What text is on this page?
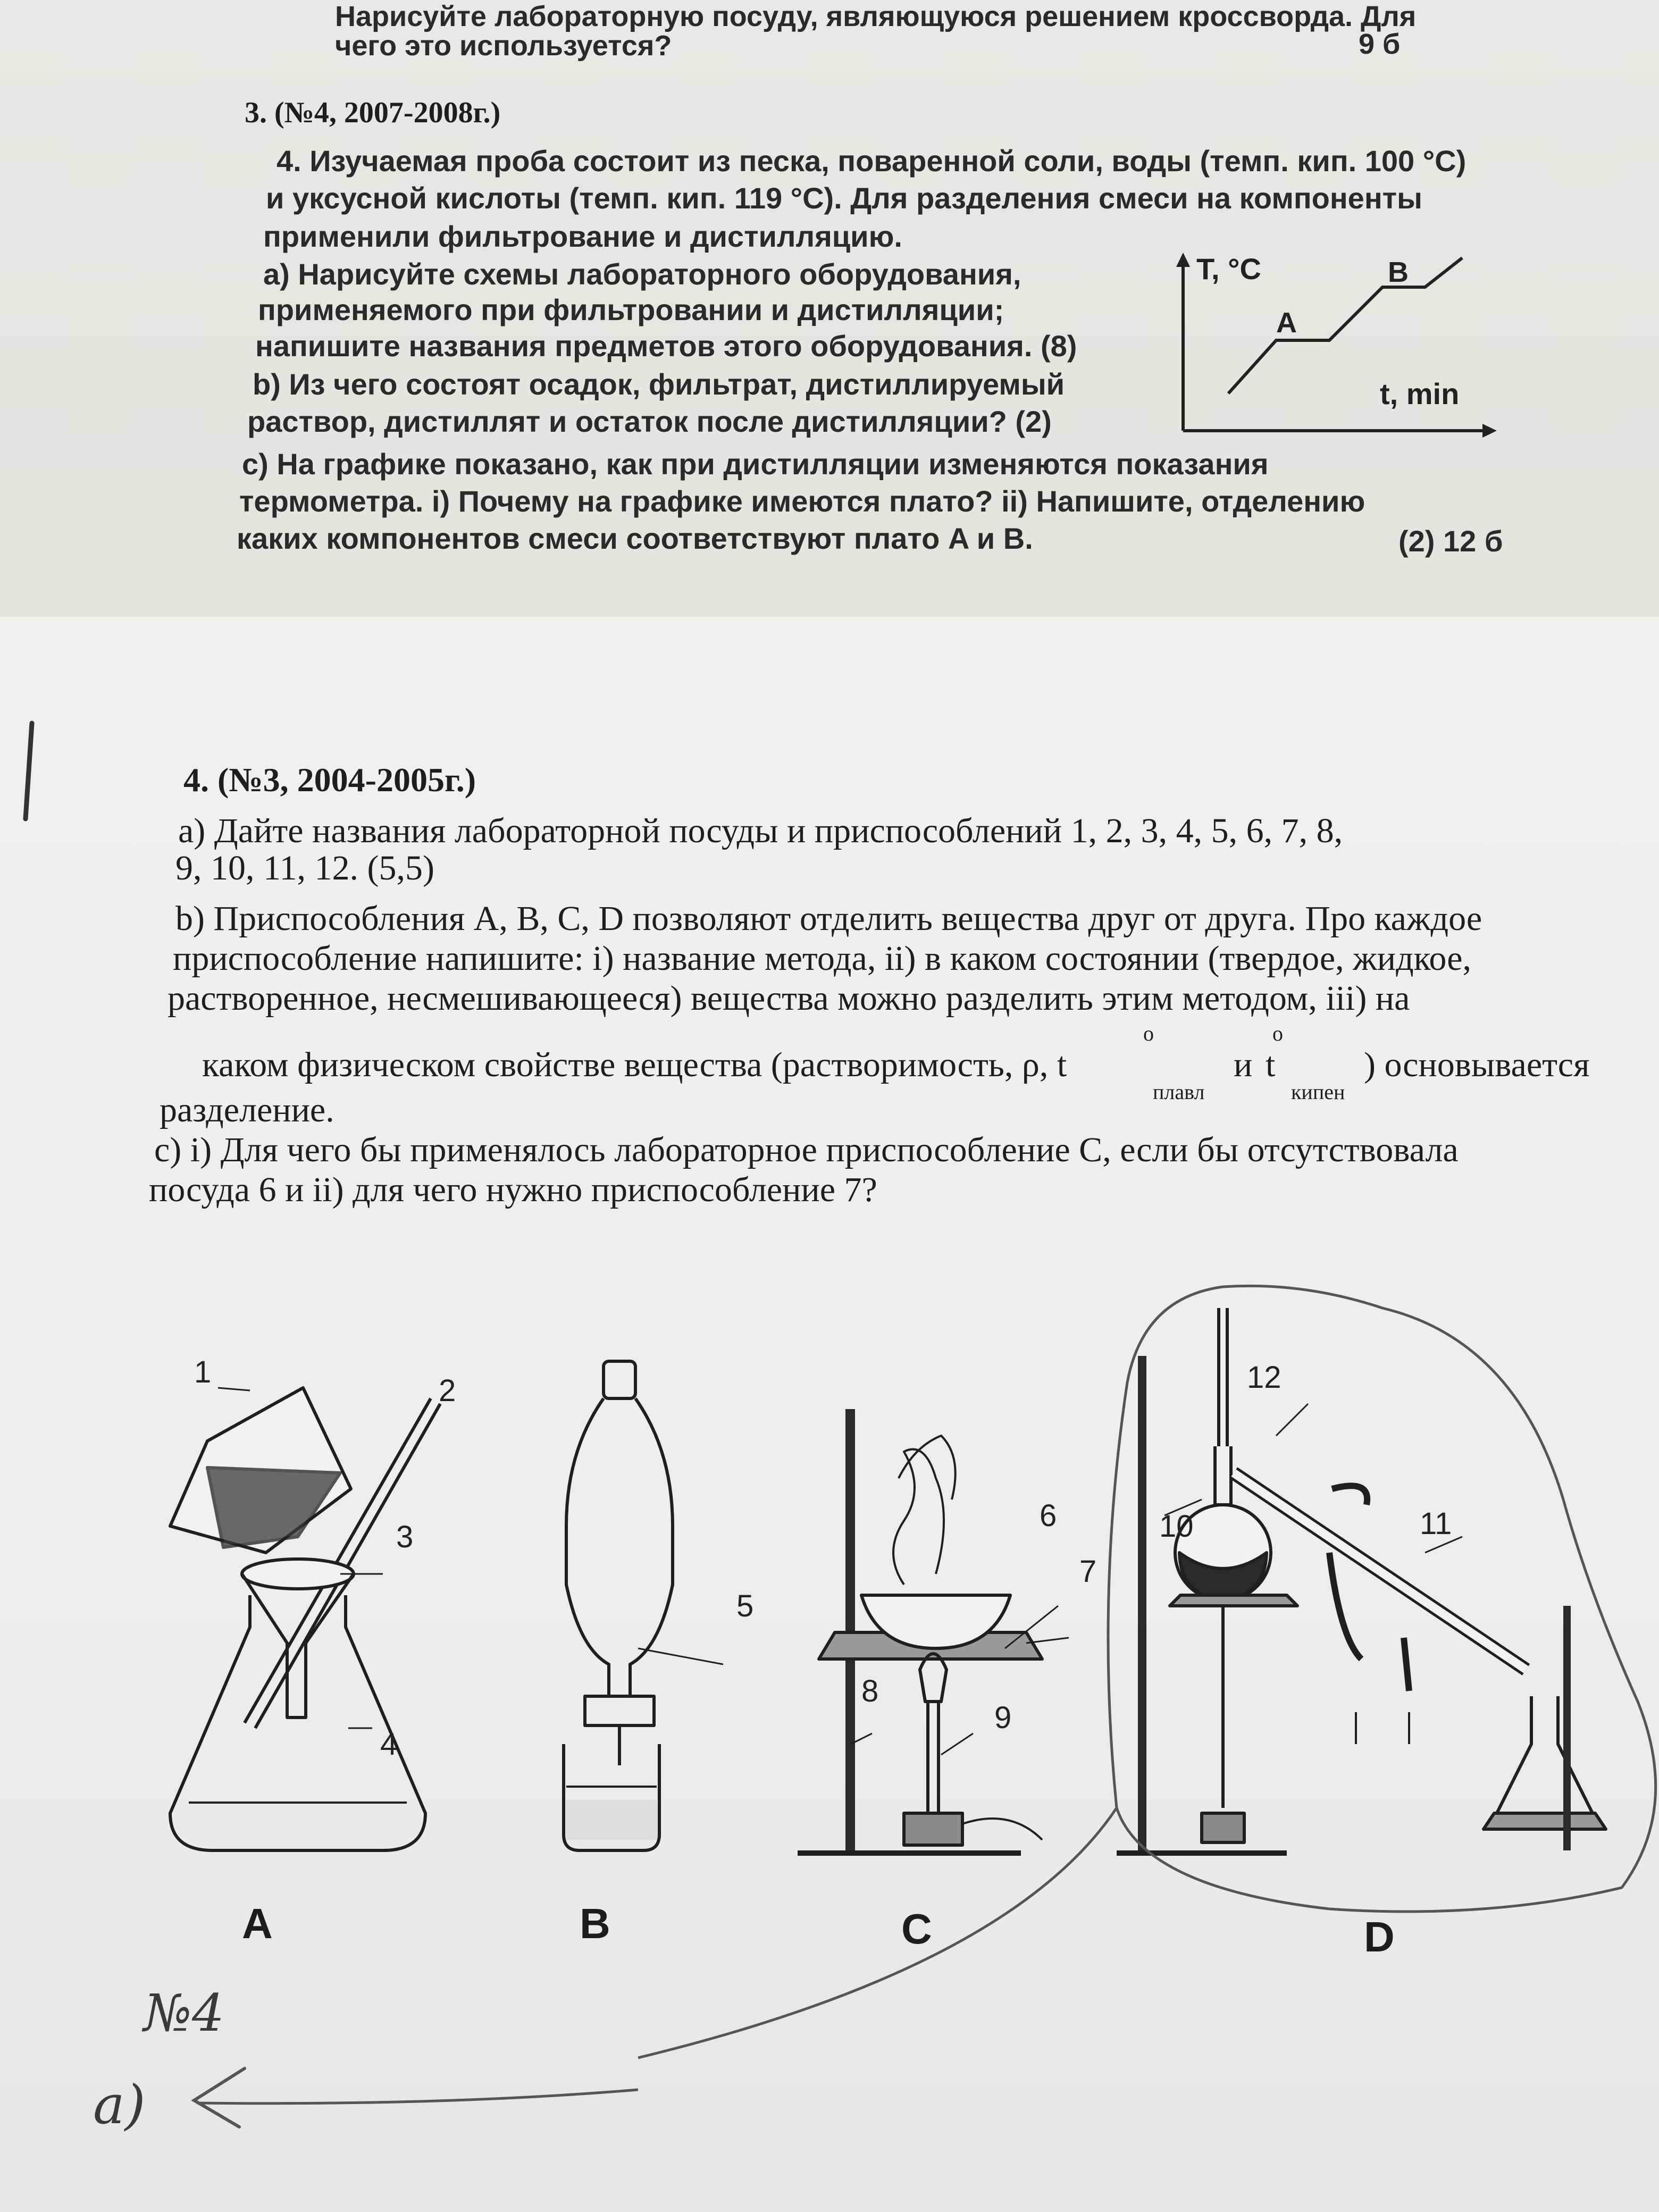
Нарисуйте лабораторную посуду, являющуюся решением кроссворда. Для
чего это используется?	9 б
3. (№4, 2007-2008г.)
4. Изучаемая проба состоит из песка, поваренной соли, воды (темп. кип. 100 °C)
и уксусной кислоты (темп. кип. 119 °C). Для разделения смеси на компоненты
применили фильтрование и дистилляцию.
a) Нарисуйте схемы лабораторного оборудования,
применяемого при фильтровании и дистилляции;
напишите названия предметов этого оборудования. (8)
b) Из чего состоят осадок, фильтрат, дистиллируемый
раствор, дистиллят и остаток после дистилляции? (2)
c) На графике показано, как при дистилляции изменяются показания
термометра. i) Почему на графике имеются плато? ii) Напишите, отделению
каких компонентов смеси соответствуют плато A и B.	(2) 12 б
T, °C
t, min
A
B
4. (№3, 2004-2005г.)
a) Дайте названия лабораторной посуды и приспособлений 1, 2, 3, 4, 5, 6, 7, 8,
9, 10, 11, 12. (5,5)
b) Приспособления A, B, C, D позволяют отделить вещества друг от друга. Про каждое
приспособление напишите: i) название метода, ii) в каком состоянии (твердое, жидкое,
растворенное, несмешивающееся) вещества можно разделить этим методом, iii) на
каком физическом свойстве вещества (растворимость, ρ, t
o
плавл
и t
o
кипен
) основывается
разделение.
c) i) Для чего бы применялось лабораторное приспособление C, если бы отсутствовала
посуда 6 и ii) для чего нужно приспособление 7?
1
2
3
4
5
6
7
8
9
10	11
12
A	B	C	D
№4
a)
